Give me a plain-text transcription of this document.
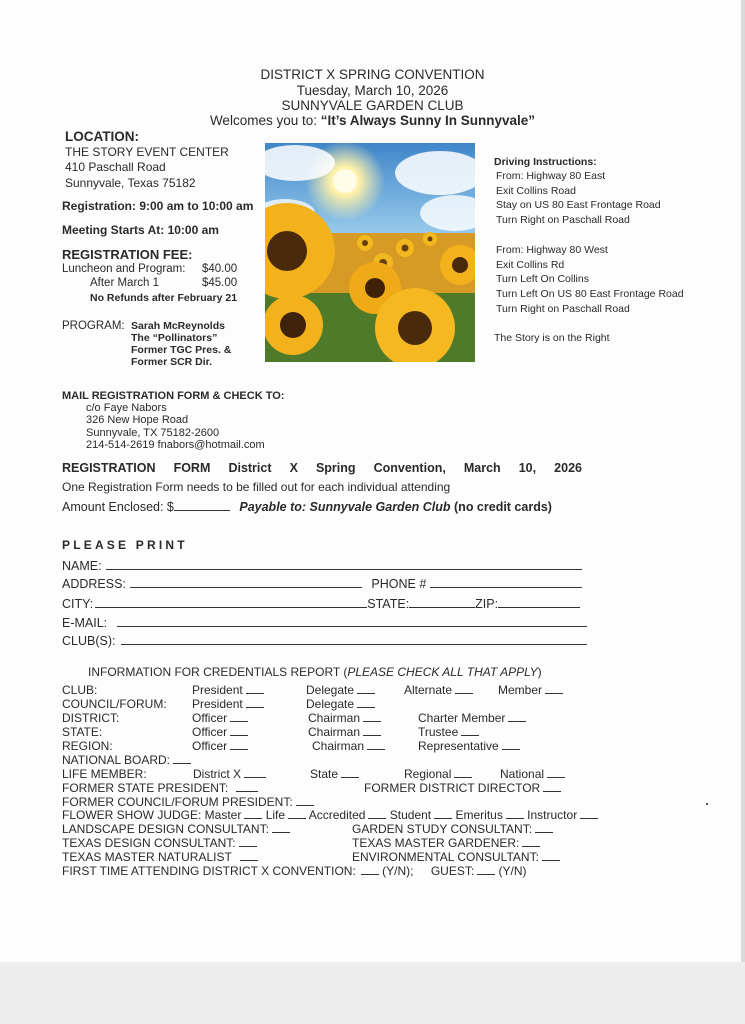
DISTRICT X SPRING CONVENTION
Tuesday, March 10, 2026
SUNNYVALE GARDEN CLUB
Welcomes you to: “It’s Always Sunny In Sunnyvale”
LOCATION:
THE STORY EVENT CENTER
410 Paschall Road
Sunnyvale, Texas 75182
Registration: 9:00 am to 10:00 am
Meeting Starts At: 10:00 am
REGISTRATION FEE:
Luncheon and Program: $40.00
After March 1	$45.00
No Refunds after February 21
PROGRAM: Sarah McReynolds
The “Pollinators”
Former TGC Pres. &
Former SCR Dir.
Driving Instructions:
From: Highway 80 East
Exit Collins Road
Stay on US 80 East Frontage Road
Turn Right on Paschall Road
From: Highway 80 West
Exit Collins Rd
Turn Left On Collins
Turn Left On US 80 East Frontage Road
Turn Right on Paschall Road
The Story is on the Right
MAIL REGISTRATION FORM & CHECK TO:
c/o Faye Nabors
326 New Hope Road
Sunnyvale, TX 75182-2600
214-514-2619 fnabors@hotmail.com
REGISTRATION FORM District X Spring Convention, March 10, 2026
One Registration Form needs to be filled out for each individual attending
Amount Enclosed: $	Payable to: Sunnyvale Garden Club (no credit cards)
PLEASE PRINT
NAME:
ADDRESS:	PHONE #
CITY:	STATE:	ZIP:
E-MAIL:
CLUB(S):
INFORMATION FOR CREDENTIALS REPORT (PLEASE CHECK ALL THAT APPLY)
CLUB:	President	Delegate	Alternate	Member
COUNCIL/FORUM: President	Delegate
DISTRICT:	Officer	Chairman	Charter Member
STATE:	Officer	Chairman	Trustee
REGION:	Officer	Chairman	Representative
NATIONAL BOARD:
LIFE MEMBER:	District X	State	Regional	National
FORMER STATE PRESIDENT:	FORMER DISTRICT DIRECTOR
FORMER COUNCIL/FORUM PRESIDENT:
FLOWER SHOW JUDGE: Master Life Accredited Student Emeritus Instructor
LANDSCAPE DESIGN CONSULTANT:	GARDEN STUDY CONSULTANT:
TEXAS DESIGN CONSULTANT:	TEXAS MASTER GARDENER:
TEXAS MASTER NATURALIST	ENVIRONMENTAL CONSULTANT:
FIRST TIME ATTENDING DISTRICT X CONVENTION: (Y/N); GUEST: (Y/N)
